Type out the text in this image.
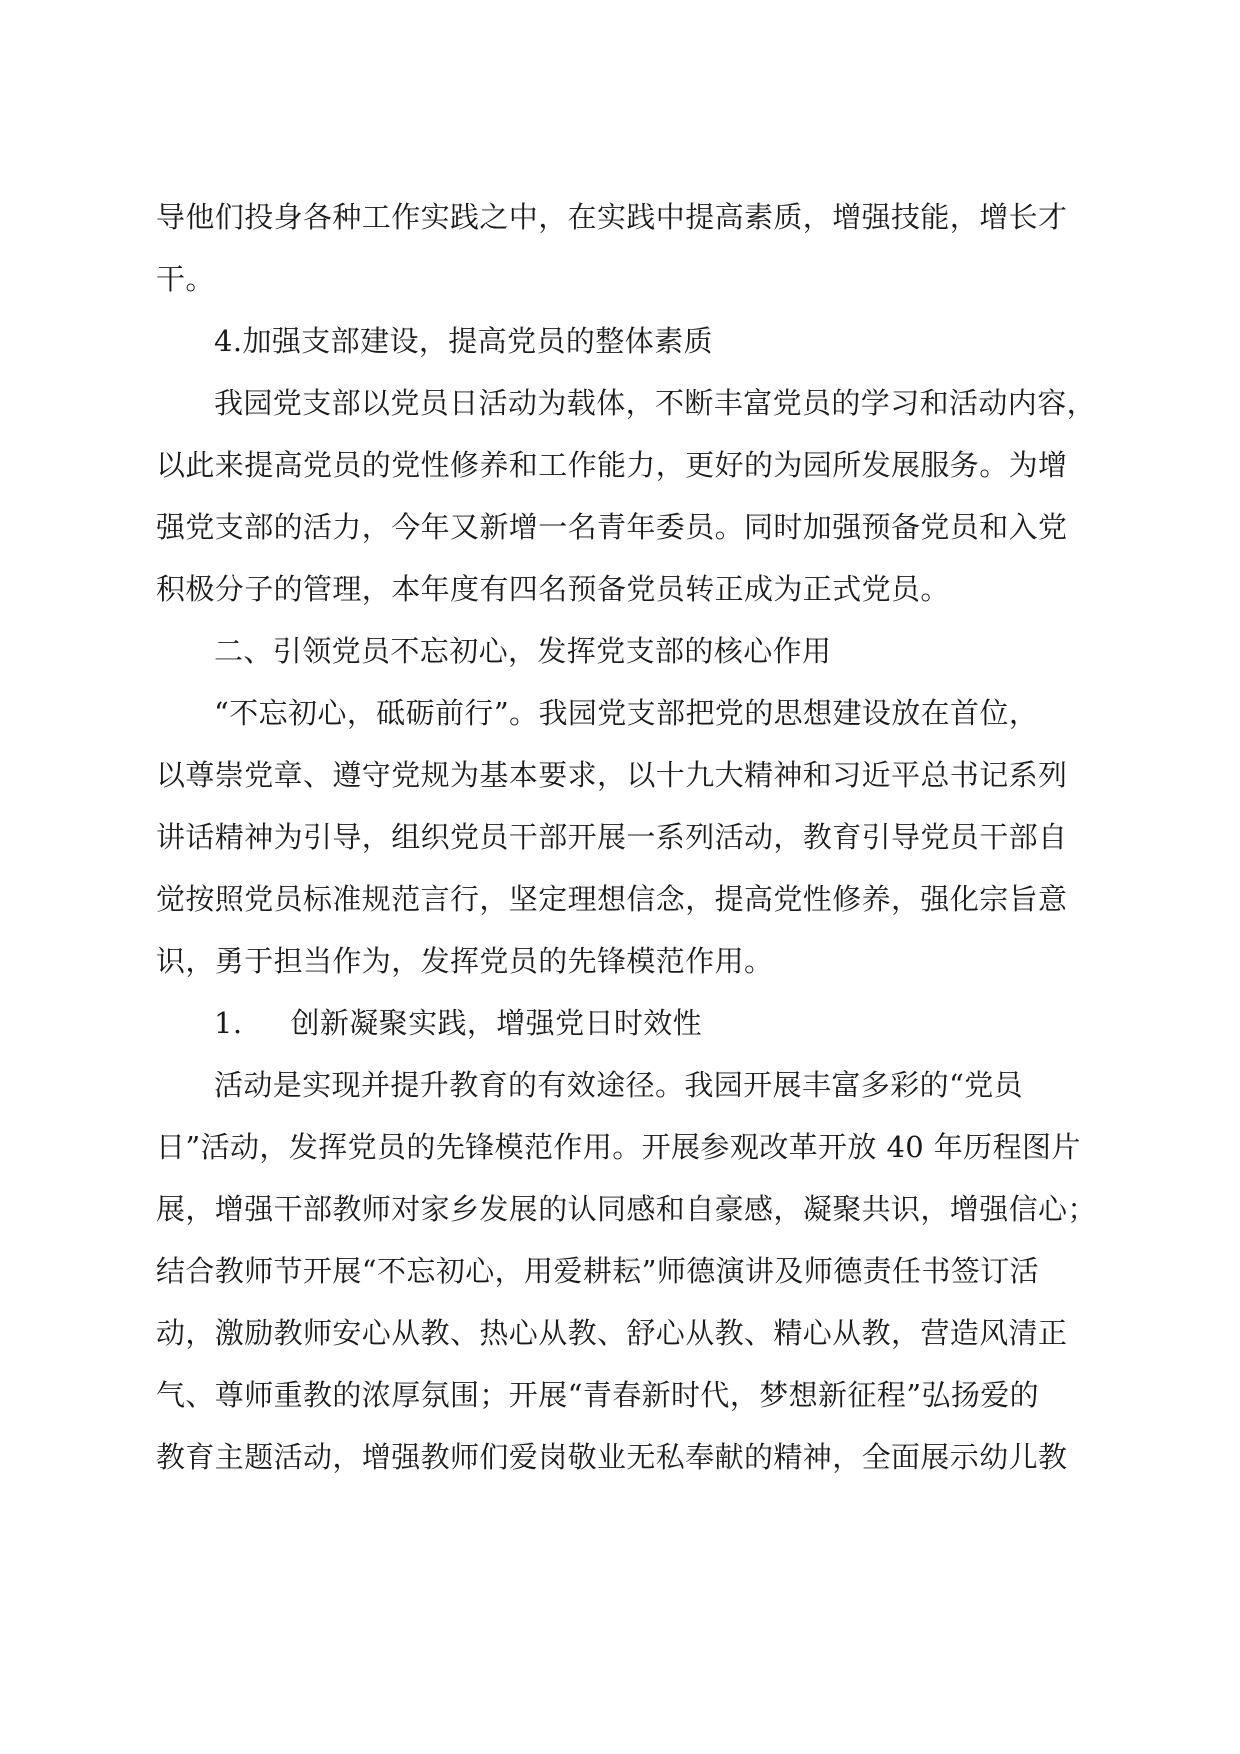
导他们投身各种工作实践之中，在实践中提高素质，增强技能，增长才
干。
4.加强支部建设，提高党员的整体素质
我园党支部以党员日活动为载体，不断丰富党员的学习和活动内容，
以此来提高党员的党性修养和工作能力，更好的为园所发展服务。为增
强党支部的活力，今年又新增一名青年委员。同时加强预备党员和入党
积极分子的管理，本年度有四名预备党员转正成为正式党员。
二、引领党员不忘初心，发挥党支部的核心作用
“不忘初心，砥砺前行”。我园党支部把党的思想建设放在首位，
以尊崇党章、遵守党规为基本要求，以十九大精神和习近平总书记系列
讲话精神为引导，组织党员干部开展一系列活动，教育引导党员干部自
觉按照党员标准规范言行，坚定理想信念，提高党性修养，强化宗旨意
识，勇于担当作为，发挥党员的先锋模范作用。
1. 创新凝聚实践，增强党日时效性
活动是实现并提升教育的有效途径。我园开展丰富多彩的“党员
日”活动，发挥党员的先锋模范作用。开展参观改革开放 40 年历程图片
展，增强干部教师对家乡发展的认同感和自豪感，凝聚共识，增强信心；
结合教师节开展“不忘初心，用爱耕耘”师德演讲及师德责任书签订活
动，激励教师安心从教、热心从教、舒心从教、精心从教，营造风清正
气、尊师重教的浓厚氛围；开展“青春新时代，梦想新征程”弘扬爱的
教育主题活动，增强教师们爱岗敬业无私奉献的精神，全面展示幼儿教
